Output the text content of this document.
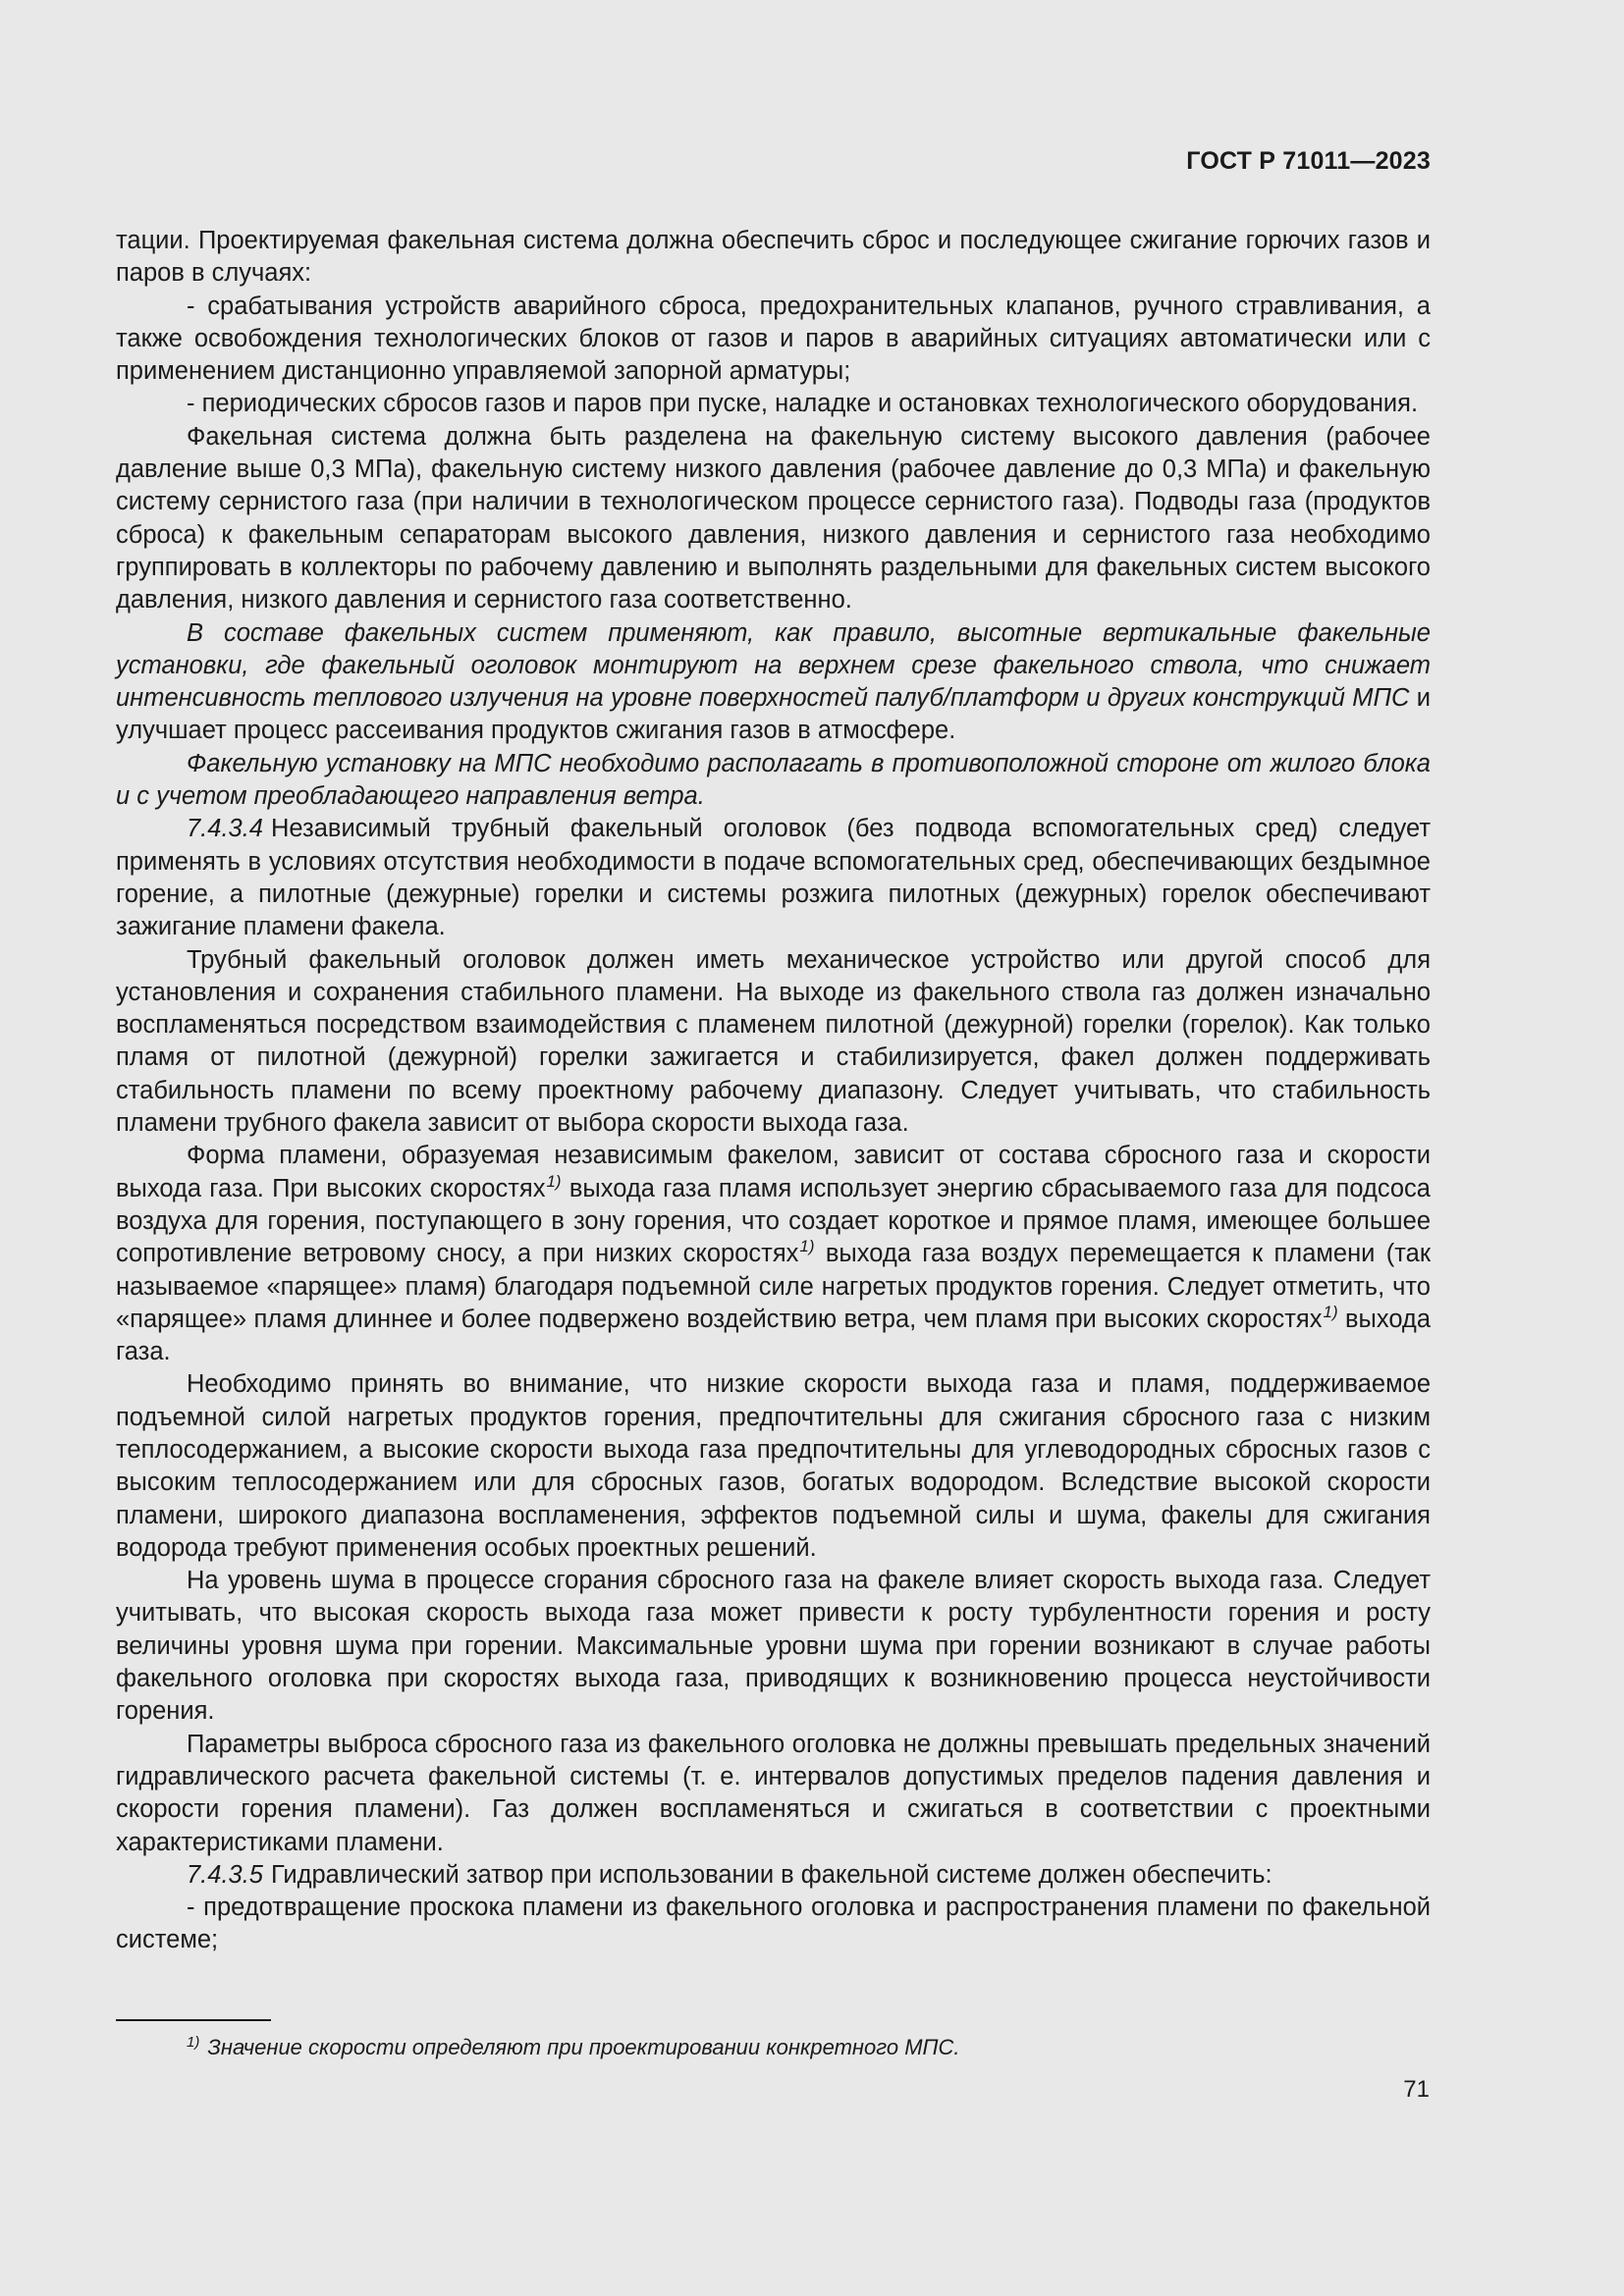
ГОСТ Р 71011—2023

тации. Проектируемая факельная система должна обеспечить сброс и последующее сжигание горючих газов и паров в случаях:

- срабатывания устройств аварийного сброса, предохранительных клапанов, ручного стравливания, а также освобождения технологических блоков от газов и паров в аварийных ситуациях автоматически или с применением дистанционно управляемой запорной арматуры;

- периодических сбросов газов и паров при пуске, наладке и остановках технологического оборудования.

Факельная система должна быть разделена на факельную систему высокого давления (рабочее давление выше 0,3 МПа), факельную систему низкого давления (рабочее давление до 0,3 МПа) и факельную систему сернистого газа (при наличии в технологическом процессе сернистого газа). Подводы газа (продуктов сброса) к факельным сепараторам высокого давления, низкого давления и сернистого газа необходимо группировать в коллекторы по рабочему давлению и выполнять раздельными для факельных систем высокого давления, низкого давления и сернистого газа соответственно.

В составе факельных систем применяют, как правило, высотные вертикальные факельные установки, где факельный оголовок монтируют на верхнем срезе факельного ствола, что снижает интенсивность теплового излучения на уровне поверхностей палуб/платформ и других конструкций МПС и улучшает процесс рассеивания продуктов сжигания газов в атмосфере.

Факельную установку на МПС необходимо располагать в противоположной стороне от жилого блока и с учетом преобладающего направления ветра.

7.4.3.4 Независимый трубный факельный оголовок (без подвода вспомогательных сред) следует применять в условиях отсутствия необходимости в подаче вспомогательных сред, обеспечивающих бездымное горение, а пилотные (дежурные) горелки и системы розжига пилотных (дежурных) горелок обеспечивают зажигание пламени факела.

Трубный факельный оголовок должен иметь механическое устройство или другой способ для установления и сохранения стабильного пламени. На выходе из факельного ствола газ должен изначально воспламеняться посредством взаимодействия с пламенем пилотной (дежурной) горелки (горелок). Как только пламя от пилотной (дежурной) горелки зажигается и стабилизируется, факел должен поддерживать стабильность пламени по всему проектному рабочему диапазону. Следует учитывать, что стабильность пламени трубного факела зависит от выбора скорости выхода газа.

Форма пламени, образуемая независимым факелом, зависит от состава сбросного газа и скорости выхода газа. При высоких скоростях$^{1)}$ выхода газа пламя использует энергию сбрасываемого газа для подсоса воздуха для горения, поступающего в зону горения, что создает короткое и прямое пламя, имеющее большее сопротивление ветровому сносу, а при низких скоростях$^{1)}$ выхода газа воздух перемещается к пламени (так называемое «парящее» пламя) благодаря подъемной силе нагретых продуктов горения. Следует отметить, что «парящее» пламя длиннее и более подвержено воздействию ветра, чем пламя при высоких скоростях$^{1)}$ выхода газа.

Необходимо принять во внимание, что низкие скорости выхода газа и пламя, поддерживаемое подъемной силой нагретых продуктов горения, предпочтительны для сжигания сбросного газа с низким теплосодержанием, а высокие скорости выхода газа предпочтительны для углеводородных сбросных газов с высоким теплосодержанием или для сбросных газов, богатых водородом. Вследствие высокой скорости пламени, широкого диапазона воспламенения, эффектов подъемной силы и шума, факелы для сжигания водорода требуют применения особых проектных решений.

На уровень шума в процессе сгорания сбросного газа на факеле влияет скорость выхода газа. Следует учитывать, что высокая скорость выхода газа может привести к росту турбулентности горения и росту величины уровня шума при горении. Максимальные уровни шума при горении возникают в случае работы факельного оголовка при скоростях выхода газа, приводящих к возникновению процесса неустойчивости горения.

Параметры выброса сбросного газа из факельного оголовка не должны превышать предельных значений гидравлического расчета факельной системы (т. е. интервалов допустимых пределов падения давления и скорости горения пламени). Газ должен воспламеняться и сжигаться в соответствии с проектными характеристиками пламени.

7.4.3.5 Гидравлический затвор при использовании в факельной системе должен обеспечить:

- предотвращение проскока пламени из факельного оголовка и распространения пламени по факельной системе;

$^{1)}$ Значение скорости определяют при проектировании конкретного МПС.
71
